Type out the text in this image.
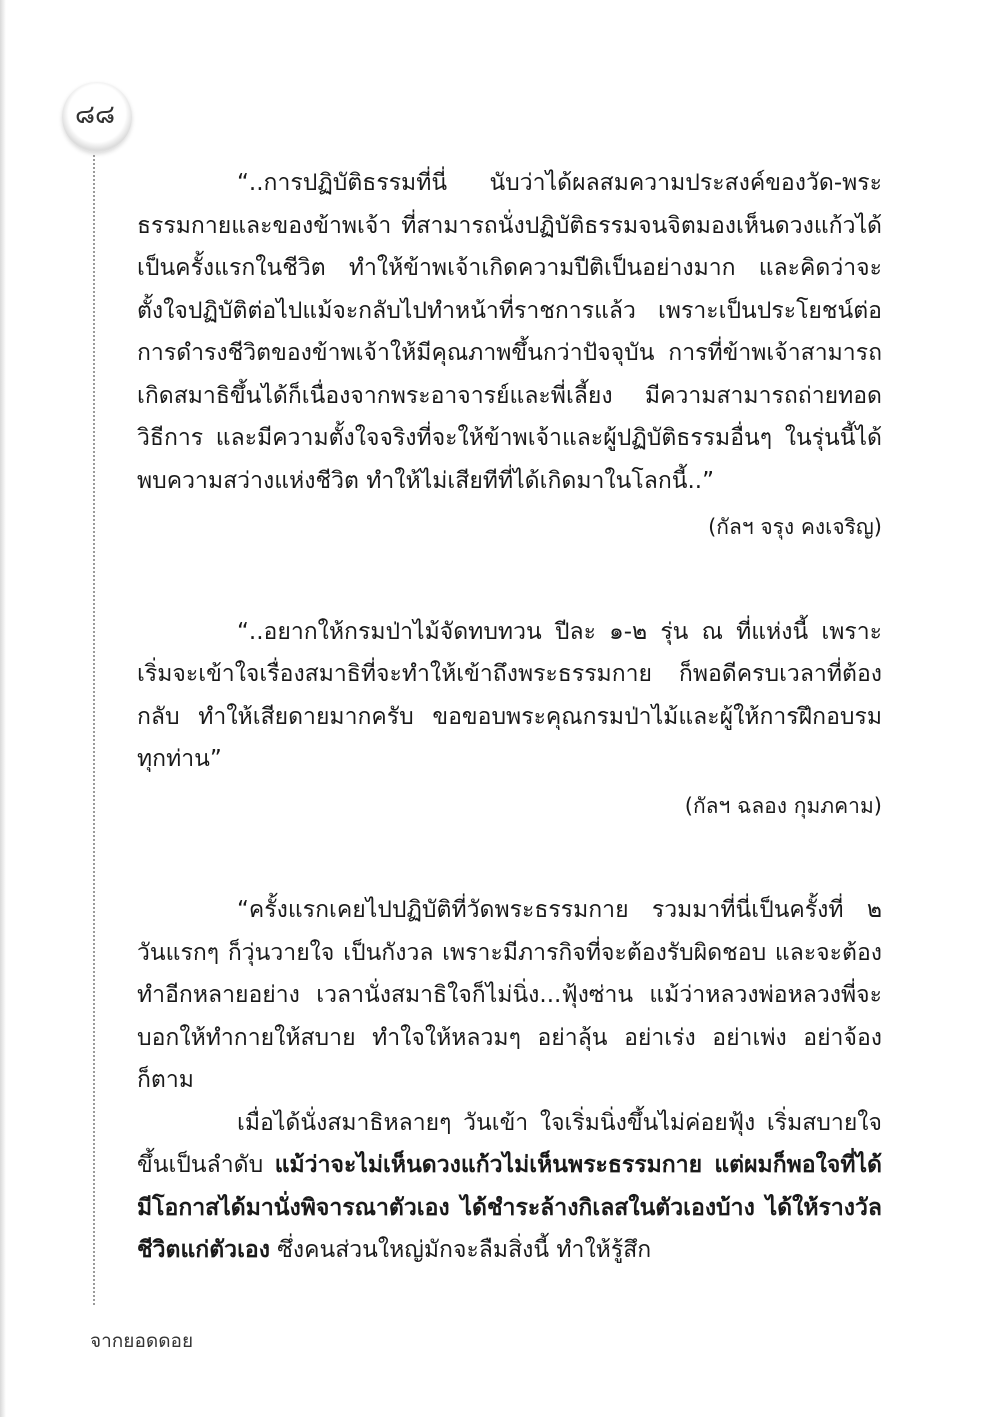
๘๘

“..การปฏิบัติธรรมที่นี่ นับว่าได้ผลสมความประสงค์ของวัด-พระธรรมกายและของข้าพเจ้า ที่สามารถนั่งปฏิบัติธรรมจนจิตมองเห็นดวงแก้วได้เป็นครั้งแรกในชีวิต ทำให้ข้าพเจ้าเกิดความปีติเป็นอย่างมาก และคิดว่าจะตั้งใจปฏิบัติต่อไปแม้จะกลับไปทำหน้าที่ราชการแล้ว เพราะเป็นประโยชน์ต่อการดำรงชีวิตของข้าพเจ้าให้มีคุณภาพขึ้นกว่าปัจจุบัน การที่ข้าพเจ้าสามารถเกิดสมาธิขึ้นได้ก็เนื่องจากพระอาจารย์และพี่เลี้ยง มีความสามารถถ่ายทอดวิธีการ และมีความตั้งใจจริงที่จะให้ข้าพเจ้าและผู้ปฏิบัติธรรมอื่นๆ ในรุ่นนี้ได้พบความสว่างแห่งชีวิต ทำให้ไม่เสียทีที่ได้เกิดมาในโลกนี้..”

(กัลฯ จรุง คงเจริญ)

“..อยากให้กรมป่าไม้จัดทบทวน ปีละ ๑-๒ รุ่น ณ ที่แห่งนี้ เพราะเริ่มจะเข้าใจเรื่องสมาธิที่จะทำให้เข้าถึงพระธรรมกาย ก็พอดีครบเวลาที่ต้องกลับ ทำให้เสียดายมากครับ ขอขอบพระคุณกรมป่าไม้และผู้ให้การฝึกอบรมทุกท่าน”

(กัลฯ ฉลอง กุมภคาม)

“ครั้งแรกเคยไปปฏิบัติที่วัดพระธรรมกาย รวมมาที่นี่เป็นครั้งที่ ๒ วันแรกๆ ก็วุ่นวายใจ เป็นกังวล เพราะมีภารกิจที่จะต้องรับผิดชอบ และจะต้องทำอีกหลายอย่าง เวลานั่งสมาธิใจก็ไม่นิ่ง...ฟุ้งซ่าน แม้ว่าหลวงพ่อหลวงพี่จะบอกให้ทำกายให้สบาย ทำใจให้หลวมๆ อย่าลุ้น อย่าเร่ง อย่าเพ่ง อย่าจ้องก็ตาม

เมื่อได้นั่งสมาธิหลายๆ วันเข้า ใจเริ่มนิ่งขึ้นไม่ค่อยฟุ้ง เริ่มสบายใจขึ้นเป็นลำดับ แม้ว่าจะไม่เห็นดวงแก้วไม่เห็นพระธรรมกาย แต่ผมก็พอใจที่ได้มีโอกาสได้มานั่งพิจารณาตัวเอง ได้ชำระล้างกิเลสในตัวเองบ้าง ได้ให้รางวัลชีวิตแก่ตัวเอง ซึ่งคนส่วนใหญ่มักจะลืมสิ่งนี้ ทำให้รู้สึก

จากยอดดอย
